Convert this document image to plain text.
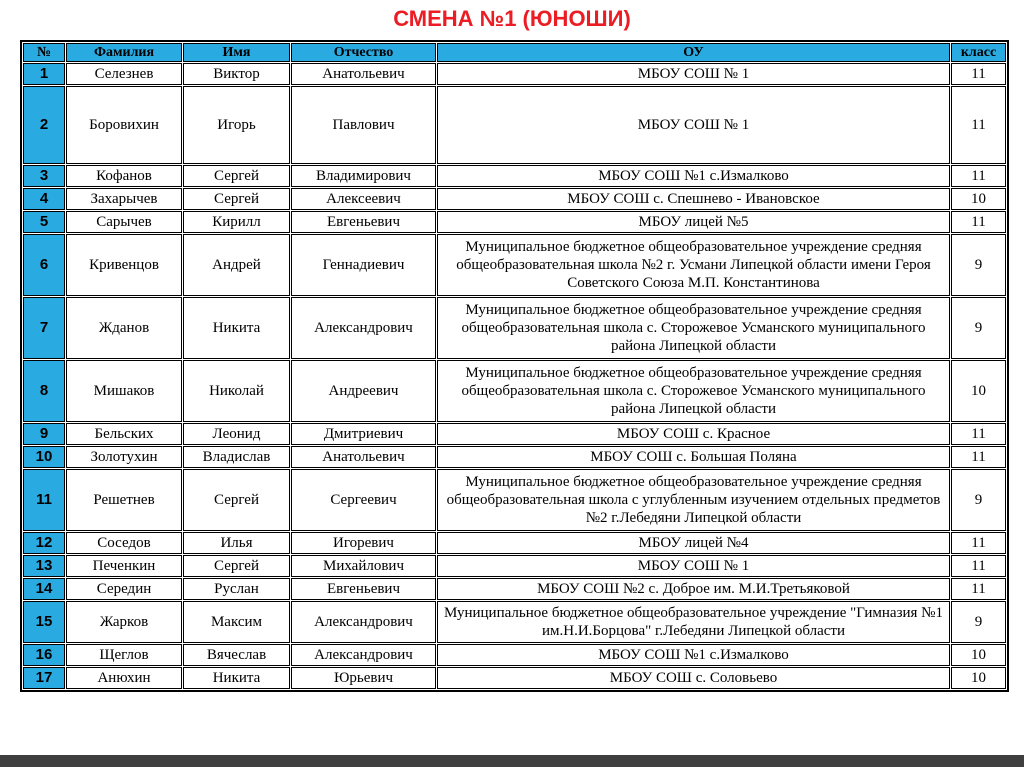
СМЕНА №1 (ЮНОШИ)
№	Фамилия	Имя	Отчество	ОУ	класс
1	Селезнев	Виктор	Анатольевич	МБОУ СОШ № 1	11
2	Боровихин	Игорь	Павлович	МБОУ СОШ № 1	11
3	Кофанов	Сергей	Владимирович	МБОУ СОШ №1 с.Измалково	11
4	Захарычев	Сергей	Алексеевич	МБОУ СОШ с. Спешнево - Ивановское	10
5	Сарычев	Кирилл	Евгеньевич	МБОУ лицей №5	11
6	Кривенцов	Андрей	Геннадиевич	Муниципальное бюджетное общеобразовательное учреждение средняя общеобразовательная школа №2 г. Усмани Липецкой области имени Героя Советского Союза М.П. Константинова	9
7	Жданов	Никита	Александрович	Муниципальное бюджетное общеобразовательное учреждение средняя общеобразовательная школа с. Сторожевое Усманского муниципального района Липецкой области	9
8	Мишаков	Николай	Андреевич	Муниципальное бюджетное общеобразовательное учреждение средняя общеобразовательная школа с. Сторожевое Усманского муниципального района Липецкой области	10
9	Бельских	Леонид	Дмитриевич	МБОУ СОШ с. Красное	11
10	Золотухин	Владислав	Анатольевич	МБОУ СОШ с. Большая Поляна	11
11	Решетнев	Сергей	Сергеевич	Муниципальное бюджетное общеобразовательное учреждение средняя общеобразовательная школа с углубленным изучением отдельных предметов №2 г.Лебедяни Липецкой области	9
12	Соседов	Илья	Игоревич	МБОУ лицей №4	11
13	Печенкин	Сергей	Михайлович	МБОУ СОШ № 1	11
14	Середин	Руслан	Евгеньевич	МБОУ СОШ №2 с. Доброе им. М.И.Третьяковой	11
15	Жарков	Максим	Александрович	Муниципальное бюджетное общеобразовательное учреждение "Гимназия №1 им.Н.И.Борцова" г.Лебедяни Липецкой области	9
16	Щеглов	Вячеслав	Александрович	МБОУ СОШ №1 с.Измалково	10
17	Анюхин	Никита	Юрьевич	МБОУ СОШ с. Соловьево	10
